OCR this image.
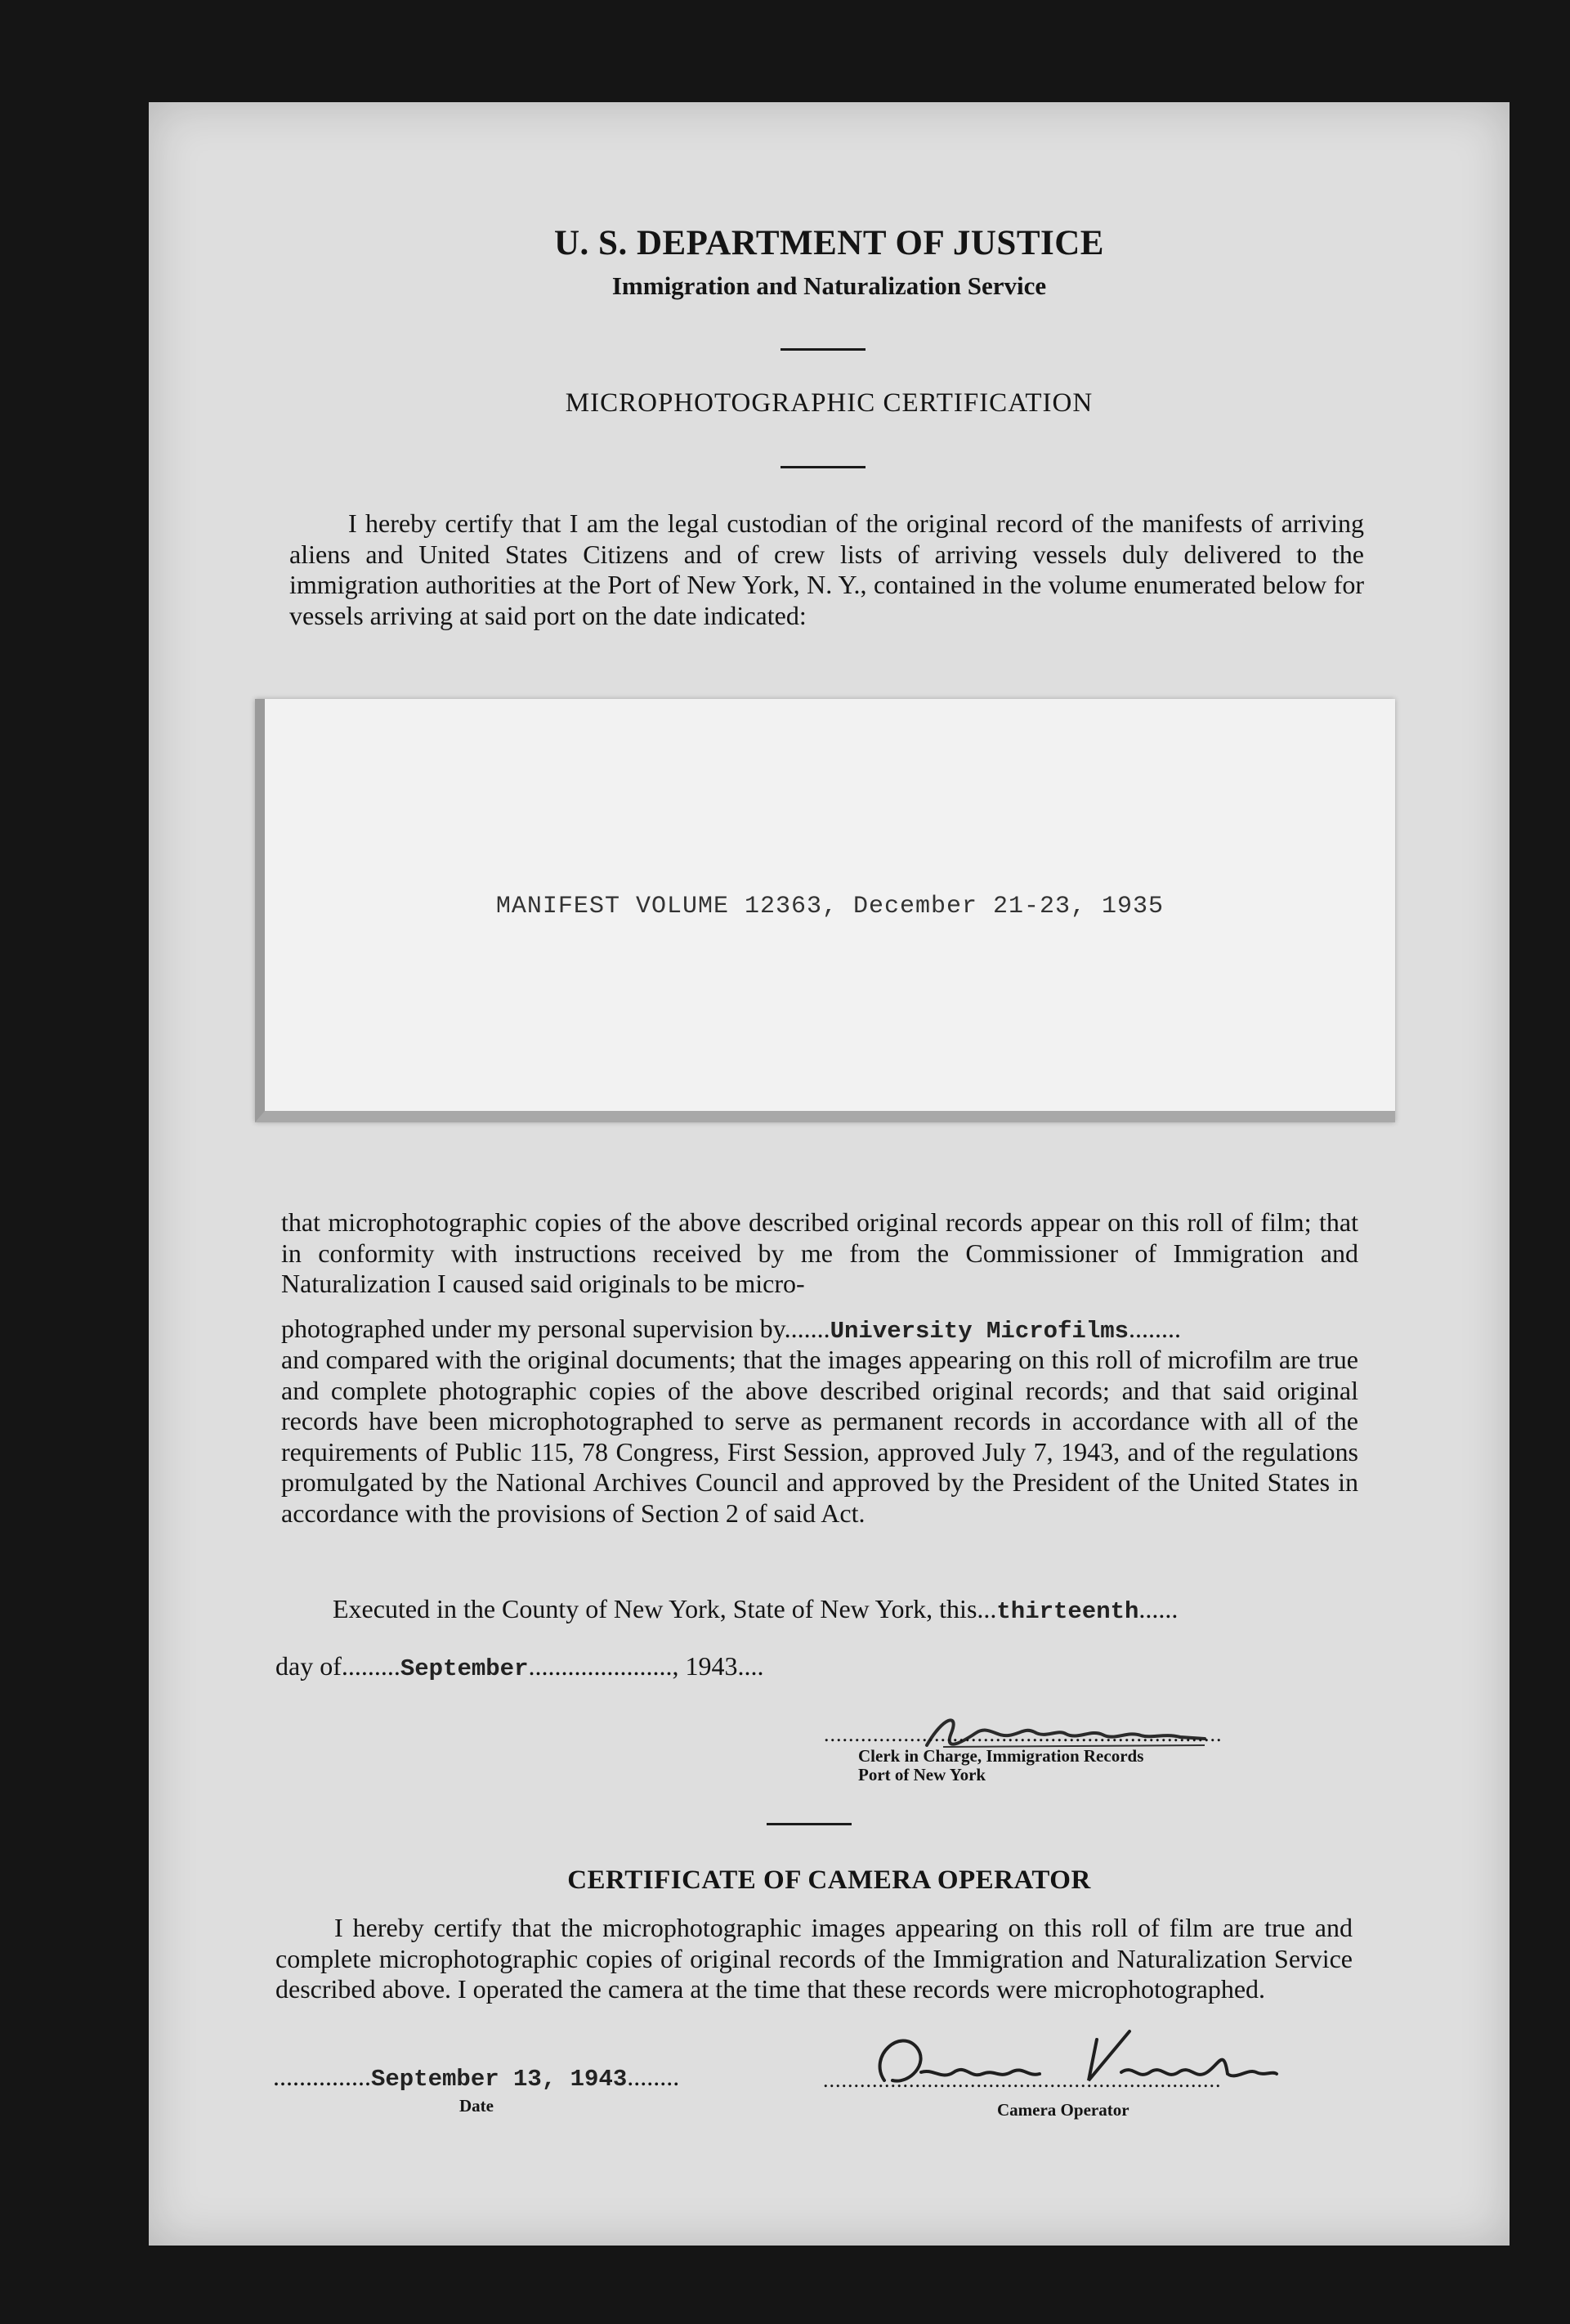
U. S. DEPARTMENT OF JUSTICE
Immigration and Naturalization Service
MICROPHOTOGRAPHIC CERTIFICATION
I hereby certify that I am the legal custodian of the original record of the manifests of arriving aliens and United States Citizens and of crew lists of arriving vessels duly delivered to the immigration authorities at the Port of New York, N. Y., contained in the volume enumerated below for vessels arriving at said port on the date indicated:
MANIFEST VOLUME 12363, December 21-23, 1935
that microphotographic copies of the above described original records appear on this roll of film; that in conformity with instructions received by me from the Commissioner of Immigration and Naturalization I caused said originals to be micro-
photographed under my personal supervision by.......University Microfilms........
and compared with the original documents; that the images appearing on this roll of microfilm are true and complete photographic copies of the above described original records; and that said original records have been microphotographed to serve as permanent records in accordance with all of the requirements of Public 115, 78 Congress, First Session, approved July 7, 1943, and of the regulations promulgated by the National Archives Council and approved by the President of the United States in accordance with the provisions of Section 2 of said Act.
Executed in the County of New York, State of New York, this...thirteenth......
day of.........September......................, 1943....
.................................................................
Clerk in Charge, Immigration Records
Port of New York
CERTIFICATE OF CAMERA OPERATOR
I hereby certify that the microphotographic images appearing on this roll of film are true and complete microphotographic copies of original records of the Immigration and Naturalization Service described above. I operated the camera at the time that these records were microphotographed.
...............September 13, 1943........
Date
.................................................................
Camera Operator
